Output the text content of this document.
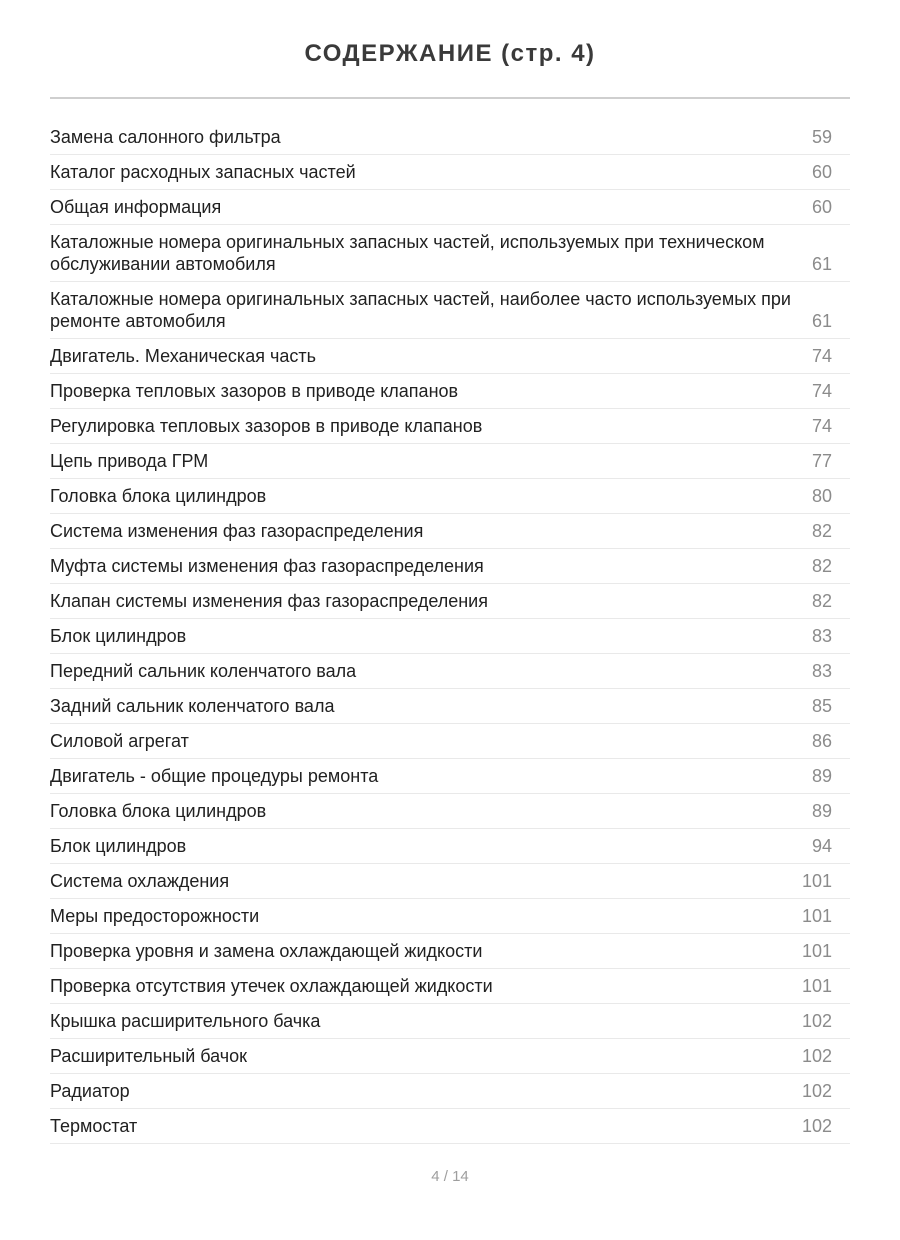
СОДЕРЖАНИЕ (стр. 4)
Замена салонного фильтра	59
Каталог расходных запасных частей	60
Общая информация	60
Каталожные номера оригинальных запасных частей, используемых при техническом обслуживании автомобиля	61
Каталожные номера оригинальных запасных частей, наиболее часто используемых при ремонте автомобиля	61
Двигатель. Механическая часть	74
Проверка тепловых зазоров в приводе клапанов	74
Регулировка тепловых зазоров в приводе клапанов	74
Цепь привода ГРМ	77
Головка блока цилиндров	80
Система изменения фаз газораспределения	82
Муфта системы изменения фаз газораспределения	82
Клапан системы изменения фаз газораспределения	82
Блок цилиндров	83
Передний сальник коленчатого вала	83
Задний сальник коленчатого вала	85
Силовой агрегат	86
Двигатель - общие процедуры ремонта	89
Головка блока цилиндров	89
Блок цилиндров	94
Система охлаждения	101
Меры предосторожности	101
Проверка уровня и замена охлаждающей жидкости	101
Проверка отсутствия утечек охлаждающей жидкости	101
Крышка расширительного бачка	102
Расширительный бачок	102
Радиатор	102
Термостат	102
4 / 14
